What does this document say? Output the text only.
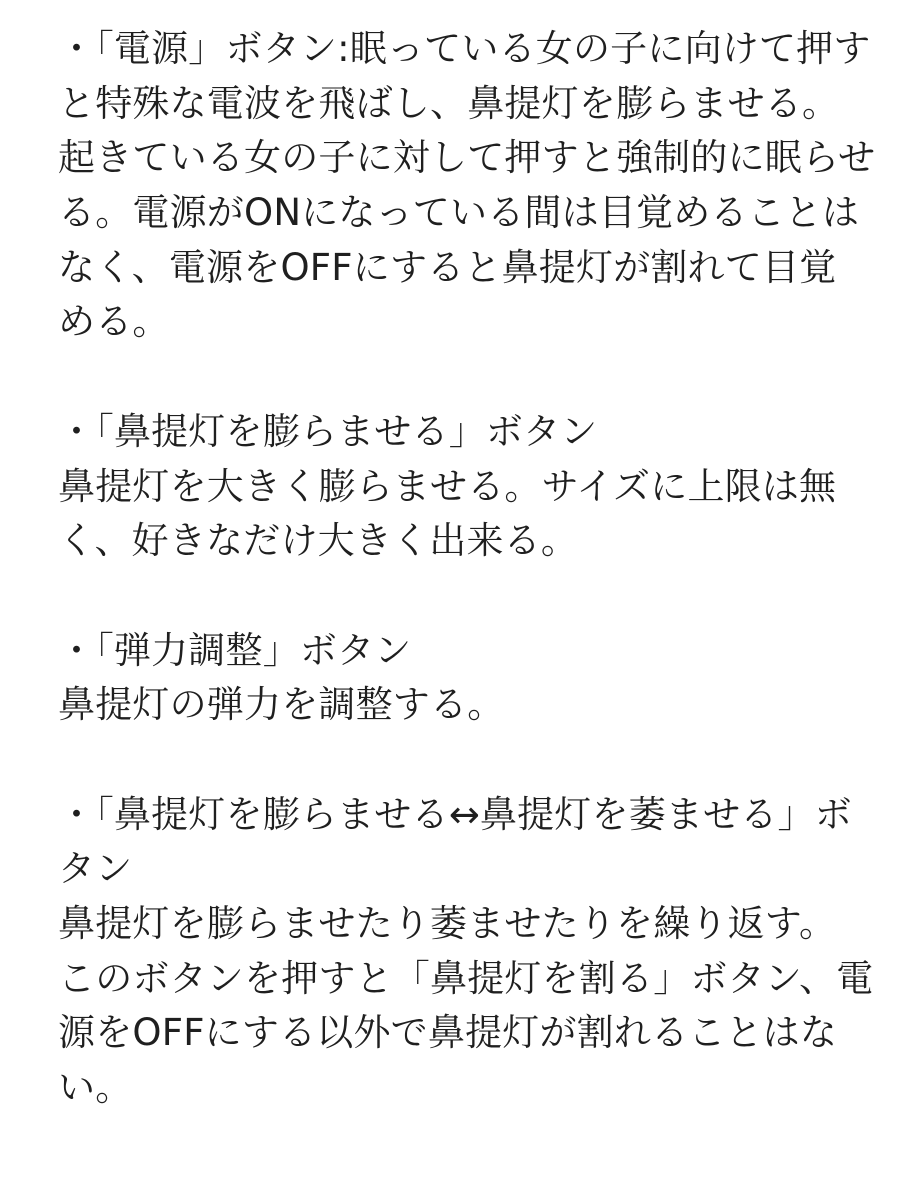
・「電源」ボタン:眠っている女の子に向けて押す
と特殊な電波を飛ばし、鼻提灯を膨らませる。
起きている女の子に対して押すと強制的に眠らせ
る。電源がONになっている間は目覚めることは
なく、電源をOFFにすると鼻提灯が割れて目覚
める。
・「鼻提灯を膨らませる」ボタン
鼻提灯を大きく膨らませる。サイズに上限は無
く、好きなだけ大きく出来る。
・「弾力調整」ボタン
鼻提灯の弾力を調整する。
・「鼻提灯を膨らませる↔鼻提灯を萎ませる」ボ
タン
鼻提灯を膨らませたり萎ませたりを繰り返す。
このボタンを押すと「鼻提灯を割る」ボタン、電
源をOFFにする以外で鼻提灯が割れることはな
い。
